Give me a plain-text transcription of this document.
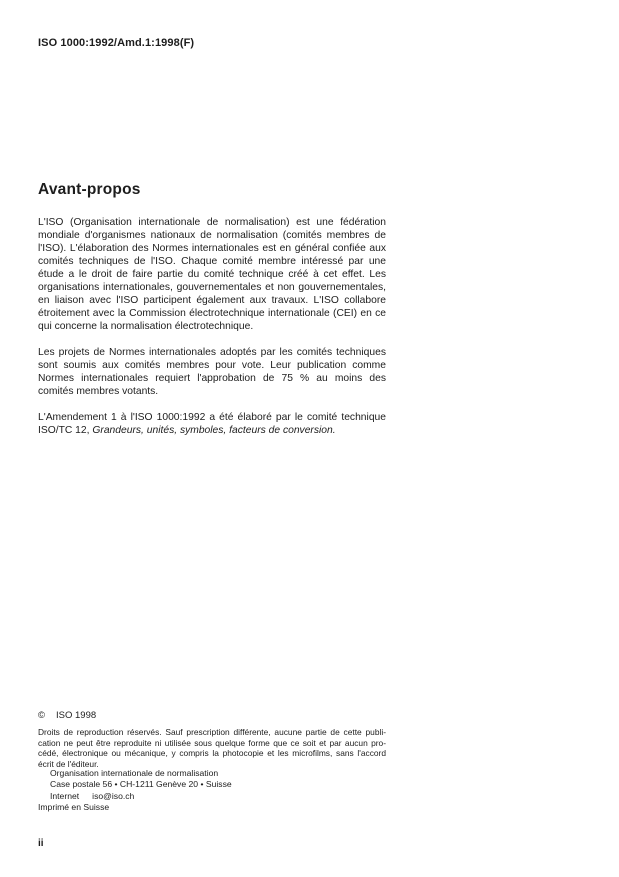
ISO 1000:1992/Amd.1:1998(F)
Avant-propos

L'ISO (Organisation internationale de normalisation) est une fédération mondiale d'organismes nationaux de normalisation (comités membres de l'ISO). L'élaboration des Normes internationales est en général confiée aux comités techniques de l'ISO. Chaque comité membre intéressé par une étude a le droit de faire partie du comité technique créé à cet effet. Les organisations internationales, gouvernementales et non gouvernementales, en liaison avec l'ISO participent également aux travaux. L'ISO collabore étroitement avec la Commission électrotechnique internationale (CEI) en ce qui concerne la normalisation électrotechnique.

Les projets de Normes internationales adoptés par les comités techniques sont soumis aux comités membres pour vote. Leur publication comme Normes internationales requiert l'approbation de 75 % au moins des comités membres votants.

L'Amendement 1 à l'ISO 1000:1992 a été élaboré par le comité technique ISO/TC 12, Grandeurs, unités, symboles, facteurs de conversion.

© ISO 1998
Droits de reproduction réservés. Sauf prescription différente, aucune partie de cette publi-
cation ne peut être reproduite ni utilisée sous quelque forme que ce soit et par aucun pro-
cédé, électronique ou mécanique, y compris la photocopie et les microfilms, sans l'accord
écrit de l'éditeur.
Organisation internationale de normalisation
Case postale 56 • CH-1211 Genève 20 • Suisse
Internet iso@iso.ch
Imprimé en Suisse
ii
